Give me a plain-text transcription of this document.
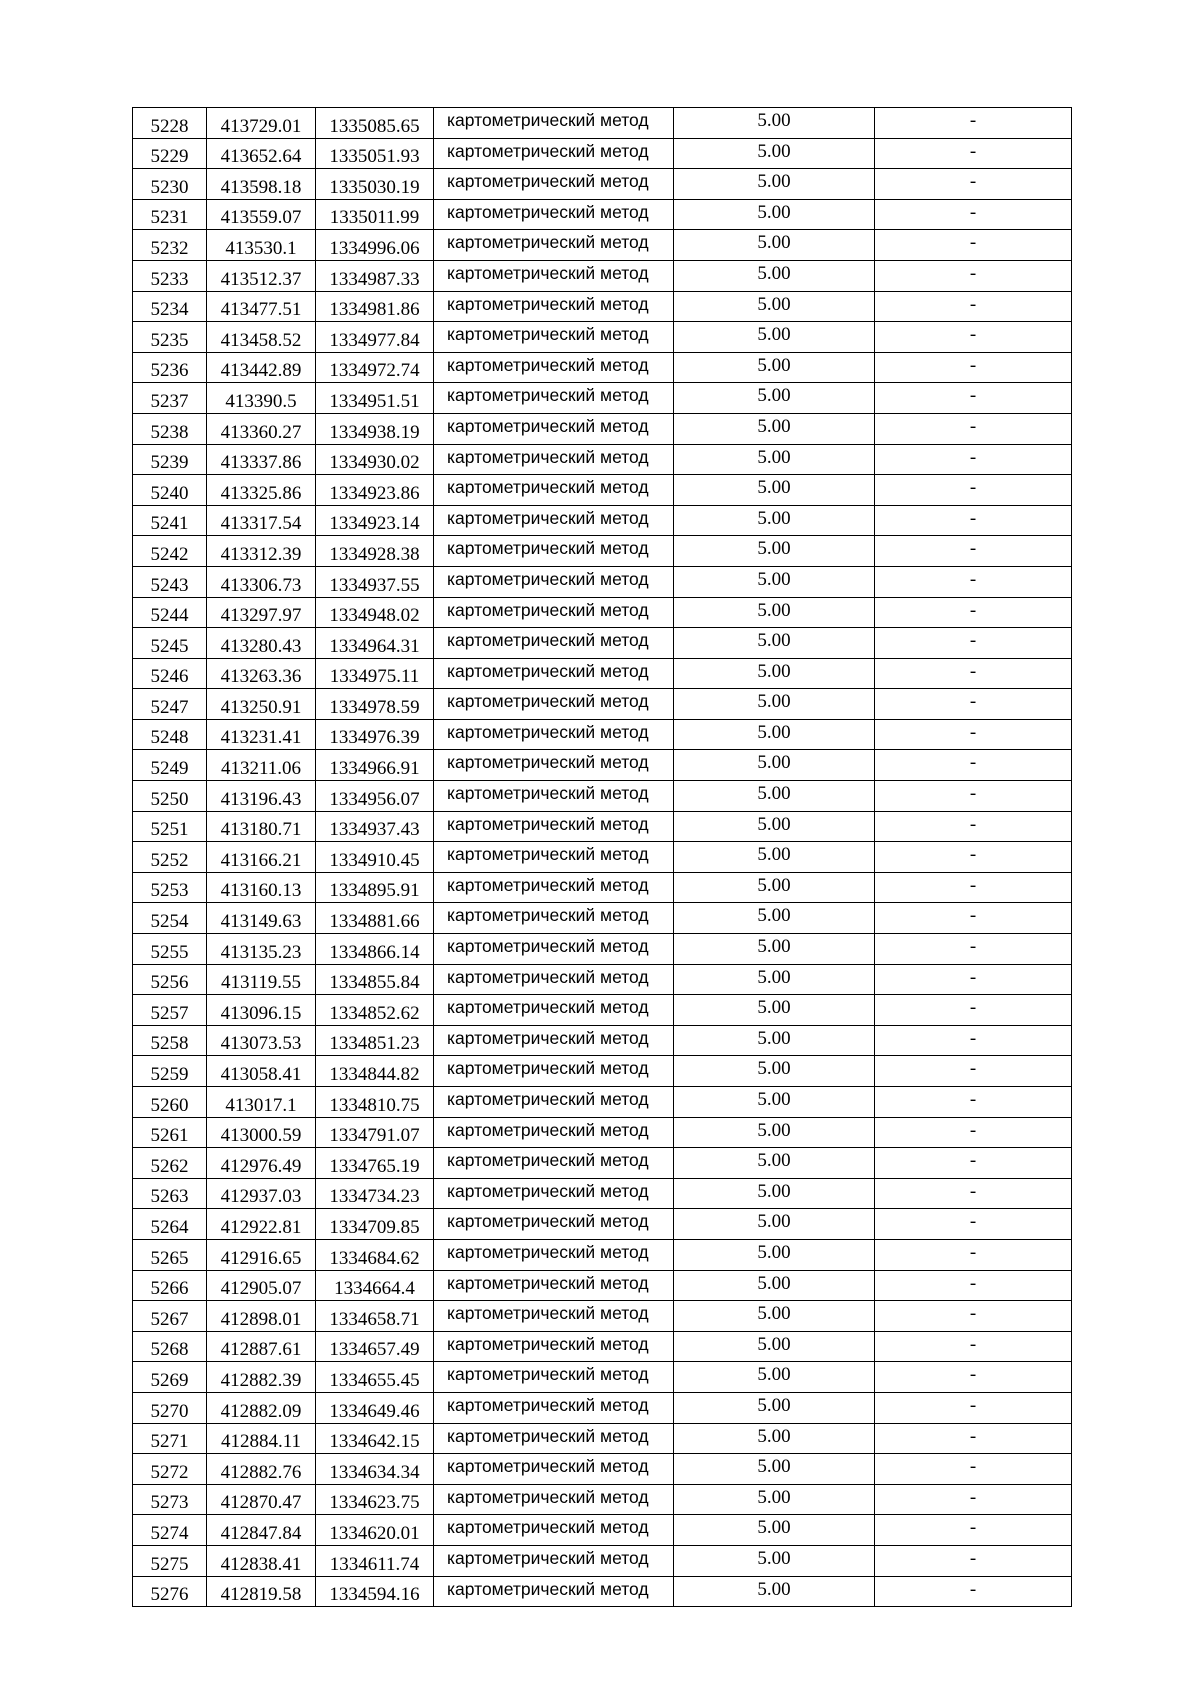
5228	413729.01	1335085.65	картометрический метод	5.00	-
5229	413652.64	1335051.93	картометрический метод	5.00	-
5230	413598.18	1335030.19	картометрический метод	5.00	-
5231	413559.07	1335011.99	картометрический метод	5.00	-
5232	413530.1	1334996.06	картометрический метод	5.00	-
5233	413512.37	1334987.33	картометрический метод	5.00	-
5234	413477.51	1334981.86	картометрический метод	5.00	-
5235	413458.52	1334977.84	картометрический метод	5.00	-
5236	413442.89	1334972.74	картометрический метод	5.00	-
5237	413390.5	1334951.51	картометрический метод	5.00	-
5238	413360.27	1334938.19	картометрический метод	5.00	-
5239	413337.86	1334930.02	картометрический метод	5.00	-
5240	413325.86	1334923.86	картометрический метод	5.00	-
5241	413317.54	1334923.14	картометрический метод	5.00	-
5242	413312.39	1334928.38	картометрический метод	5.00	-
5243	413306.73	1334937.55	картометрический метод	5.00	-
5244	413297.97	1334948.02	картометрический метод	5.00	-
5245	413280.43	1334964.31	картометрический метод	5.00	-
5246	413263.36	1334975.11	картометрический метод	5.00	-
5247	413250.91	1334978.59	картометрический метод	5.00	-
5248	413231.41	1334976.39	картометрический метод	5.00	-
5249	413211.06	1334966.91	картометрический метод	5.00	-
5250	413196.43	1334956.07	картометрический метод	5.00	-
5251	413180.71	1334937.43	картометрический метод	5.00	-
5252	413166.21	1334910.45	картометрический метод	5.00	-
5253	413160.13	1334895.91	картометрический метод	5.00	-
5254	413149.63	1334881.66	картометрический метод	5.00	-
5255	413135.23	1334866.14	картометрический метод	5.00	-
5256	413119.55	1334855.84	картометрический метод	5.00	-
5257	413096.15	1334852.62	картометрический метод	5.00	-
5258	413073.53	1334851.23	картометрический метод	5.00	-
5259	413058.41	1334844.82	картометрический метод	5.00	-
5260	413017.1	1334810.75	картометрический метод	5.00	-
5261	413000.59	1334791.07	картометрический метод	5.00	-
5262	412976.49	1334765.19	картометрический метод	5.00	-
5263	412937.03	1334734.23	картометрический метод	5.00	-
5264	412922.81	1334709.85	картометрический метод	5.00	-
5265	412916.65	1334684.62	картометрический метод	5.00	-
5266	412905.07	1334664.4	картометрический метод	5.00	-
5267	412898.01	1334658.71	картометрический метод	5.00	-
5268	412887.61	1334657.49	картометрический метод	5.00	-
5269	412882.39	1334655.45	картометрический метод	5.00	-
5270	412882.09	1334649.46	картометрический метод	5.00	-
5271	412884.11	1334642.15	картометрический метод	5.00	-
5272	412882.76	1334634.34	картометрический метод	5.00	-
5273	412870.47	1334623.75	картометрический метод	5.00	-
5274	412847.84	1334620.01	картометрический метод	5.00	-
5275	412838.41	1334611.74	картометрический метод	5.00	-
5276	412819.58	1334594.16	картометрический метод	5.00	-
